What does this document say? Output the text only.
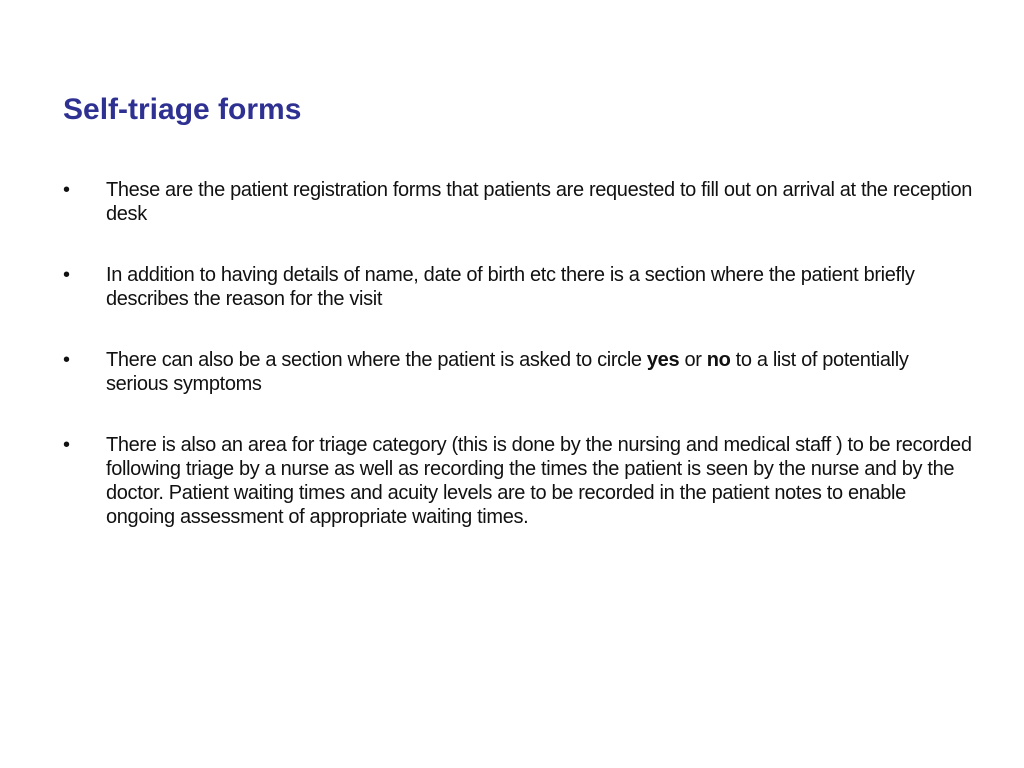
Self-triage forms
•	These are the patient registration forms that patients are requested to fill out on arrival at the reception desk
•	In addition to having details of name, date of birth etc there is a section where the patient briefly describes the reason for the visit
•	There can also be a section where the patient is asked to circle yes or no to a list of potentially serious symptoms
•	There is also an area for triage category (this is done by the nursing and medical staff ) to be recorded following triage by a nurse as well as recording the times the patient is seen by the nurse and by the doctor. Patient waiting times and acuity levels are to be recorded in the patient notes to enable ongoing assessment of appropriate waiting times.
